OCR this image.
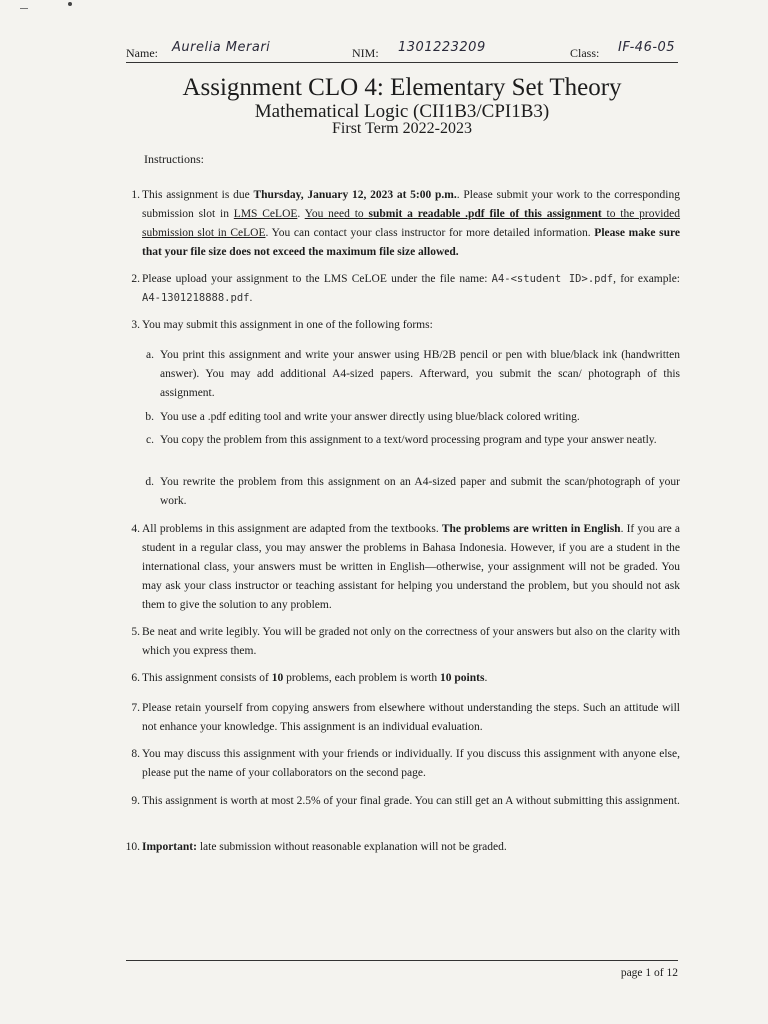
Name: Aurelia Merari	NIM: 1301223209	Class: IF-46-05
Assignment CLO 4: Elementary Set Theory
Mathematical Logic (CII1B3/CPI1B3)
First Term 2022-2023
Instructions:
1. This assignment is due Thursday, January 12, 2023 at 5:00 p.m.. Please submit your work to the corresponding submission slot in LMS CeLOE. You need to submit a readable .pdf file of this assignment to the provided submission slot in CeLOE. You can contact your class instructor for more detailed information. Please make sure that your file size does not exceed the maximum file size allowed.
2. Please upload your assignment to the LMS CeLOE under the file name: A4-<student ID>.pdf, for example: A4-1301218888.pdf.
3. You may submit this assignment in one of the following forms:
a. You print this assignment and write your answer using HB/2B pencil or pen with blue/black ink (handwritten answer). You may add additional A4-sized papers. Afterward, you submit the scan/ photograph of this assignment.
b. You use a .pdf editing tool and write your answer directly using blue/black colored writing.
c. You copy the problem from this assignment to a text/word processing program and type your answer neatly.
d. You rewrite the problem from this assignment on an A4-sized paper and submit the scan/photograph of your work.
4. All problems in this assignment are adapted from the textbooks. The problems are written in English. If you are a student in a regular class, you may answer the problems in Bahasa Indonesia. However, if you are a student in the international class, your answers must be written in English—otherwise, your assignment will not be graded. You may ask your class instructor or teaching assistant for helping you understand the problem, but you should not ask them to give the solution to any problem.
5. Be neat and write legibly. You will be graded not only on the correctness of your answers but also on the clarity with which you express them.
6. This assignment consists of 10 problems, each problem is worth 10 points.
7. Please retain yourself from copying answers from elsewhere without understanding the steps. Such an attitude will not enhance your knowledge. This assignment is an individual evaluation.
8. You may discuss this assignment with your friends or individually. If you discuss this assignment with anyone else, please put the name of your collaborators on the second page.
9. This assignment is worth at most 2.5% of your final grade. You can still get an A without submitting this assignment.
10. Important: late submission without reasonable explanation will not be graded.
page 1 of 12
